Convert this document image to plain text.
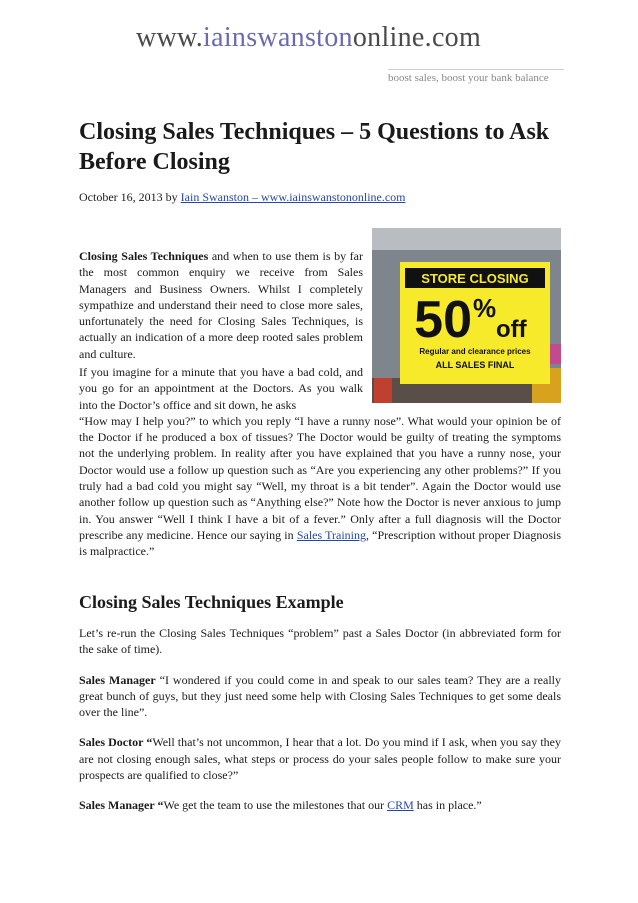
www.iainswanstononline.com
boost sales, boost your bank balance
Closing Sales Techniques – 5 Questions to Ask Before Closing
October 16, 2013 by Iain Swanston – www.iainswanstononline.com
STORE CLOSING
50 %
off
Regular and clearance prices
ALL SALES FINAL

Closing Sales Techniques and when to use them is by far the most common enquiry we receive from Sales Managers and Business Owners. Whilst I completely sympathize and understand their need to close more sales, unfortunately the need for Closing Sales Techniques, is actually an indication of a more deep rooted sales problem and culture.

If you imagine for a minute that you have a bad cold, and you go for an appointment at the Doctors. As you walk into the Doctor’s office and sit down, he asks

“How may I help you?” to which you reply “I have a runny nose”. What would your opinion be of the Doctor if he produced a box of tissues? The Doctor would be guilty of treating the symptoms not the underlying problem. In reality after you have explained that you have a runny nose, your Doctor would use a follow up question such as “Are you experiencing any other problems?” If you truly had a bad cold you might say “Well, my throat is a bit tender”. Again the Doctor would use another follow up question such as “Anything else?” Note how the Doctor is never anxious to jump in. You answer “Well I think I have a bit of a fever.” Only after a full diagnosis will the Doctor prescribe any medicine. Hence our saying in Sales Training, “Prescription without proper Diagnosis is malpractice.”

Closing Sales Techniques Example

Let’s re-run the Closing Sales Techniques “problem” past a Sales Doctor (in abbreviated form for the sake of time).

Sales Manager “I wondered if you could come in and speak to our sales team? They are a really great bunch of guys, but they just need some help with Closing Sales Techniques to get some deals over the line”.

Sales Doctor “Well that’s not uncommon, I hear that a lot. Do you mind if I ask, when you say they are not closing enough sales, what steps or process do your sales people follow to make sure your prospects are qualified to close?”

Sales Manager “We get the team to use the milestones that our CRM has in place.”
